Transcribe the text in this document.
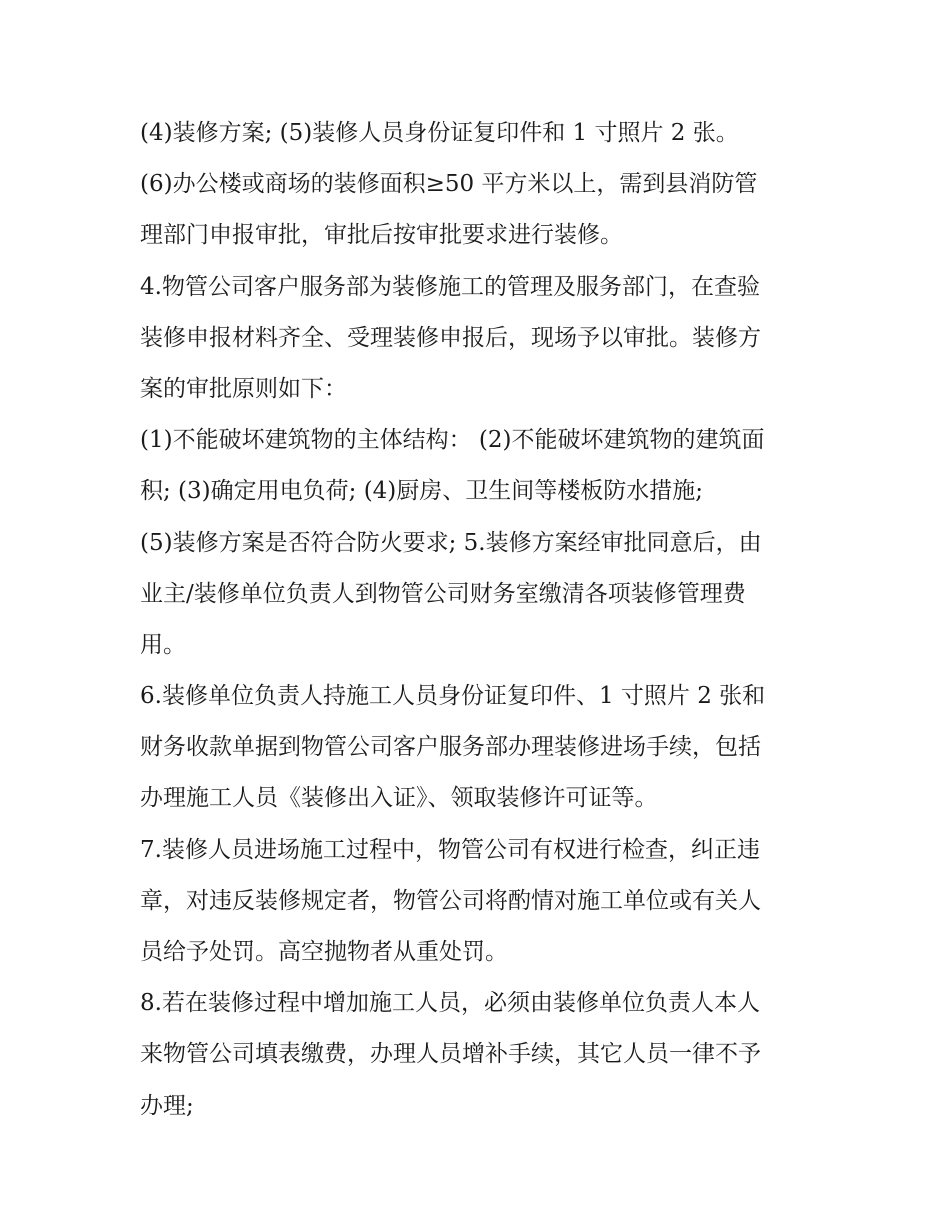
(4)装修方案; (5)装修人员身份证复印件和 1 寸照片 2 张。
(6)办公楼或商场的装修面积≥50 平方米以上，需到县消防管
理部门申报审批，审批后按审批要求进行装修。
4.物管公司客户服务部为装修施工的管理及服务部门，在查验
装修申报材料齐全、受理装修申报后，现场予以审批。装修方
案的审批原则如下：
(1)不能破坏建筑物的主体结构： (2)不能破坏建筑物的建筑面
积; (3)确定用电负荷; (4)厨房、卫生间等楼板防水措施;
(5)装修方案是否符合防火要求; 5.装修方案经审批同意后，由
业主/装修单位负责人到物管公司财务室缴清各项装修管理费
用。
6.装修单位负责人持施工人员身份证复印件、1 寸照片 2 张和
财务收款单据到物管公司客户服务部办理装修进场手续，包括
办理施工人员《装修出入证》、领取装修许可证等。
7.装修人员进场施工过程中，物管公司有权进行检查，纠正违
章，对违反装修规定者，物管公司将酌情对施工单位或有关人
员给予处罚。高空抛物者从重处罚。
8.若在装修过程中增加施工人员，必须由装修单位负责人本人
来物管公司填表缴费，办理人员增补手续，其它人员一律不予
办理;
